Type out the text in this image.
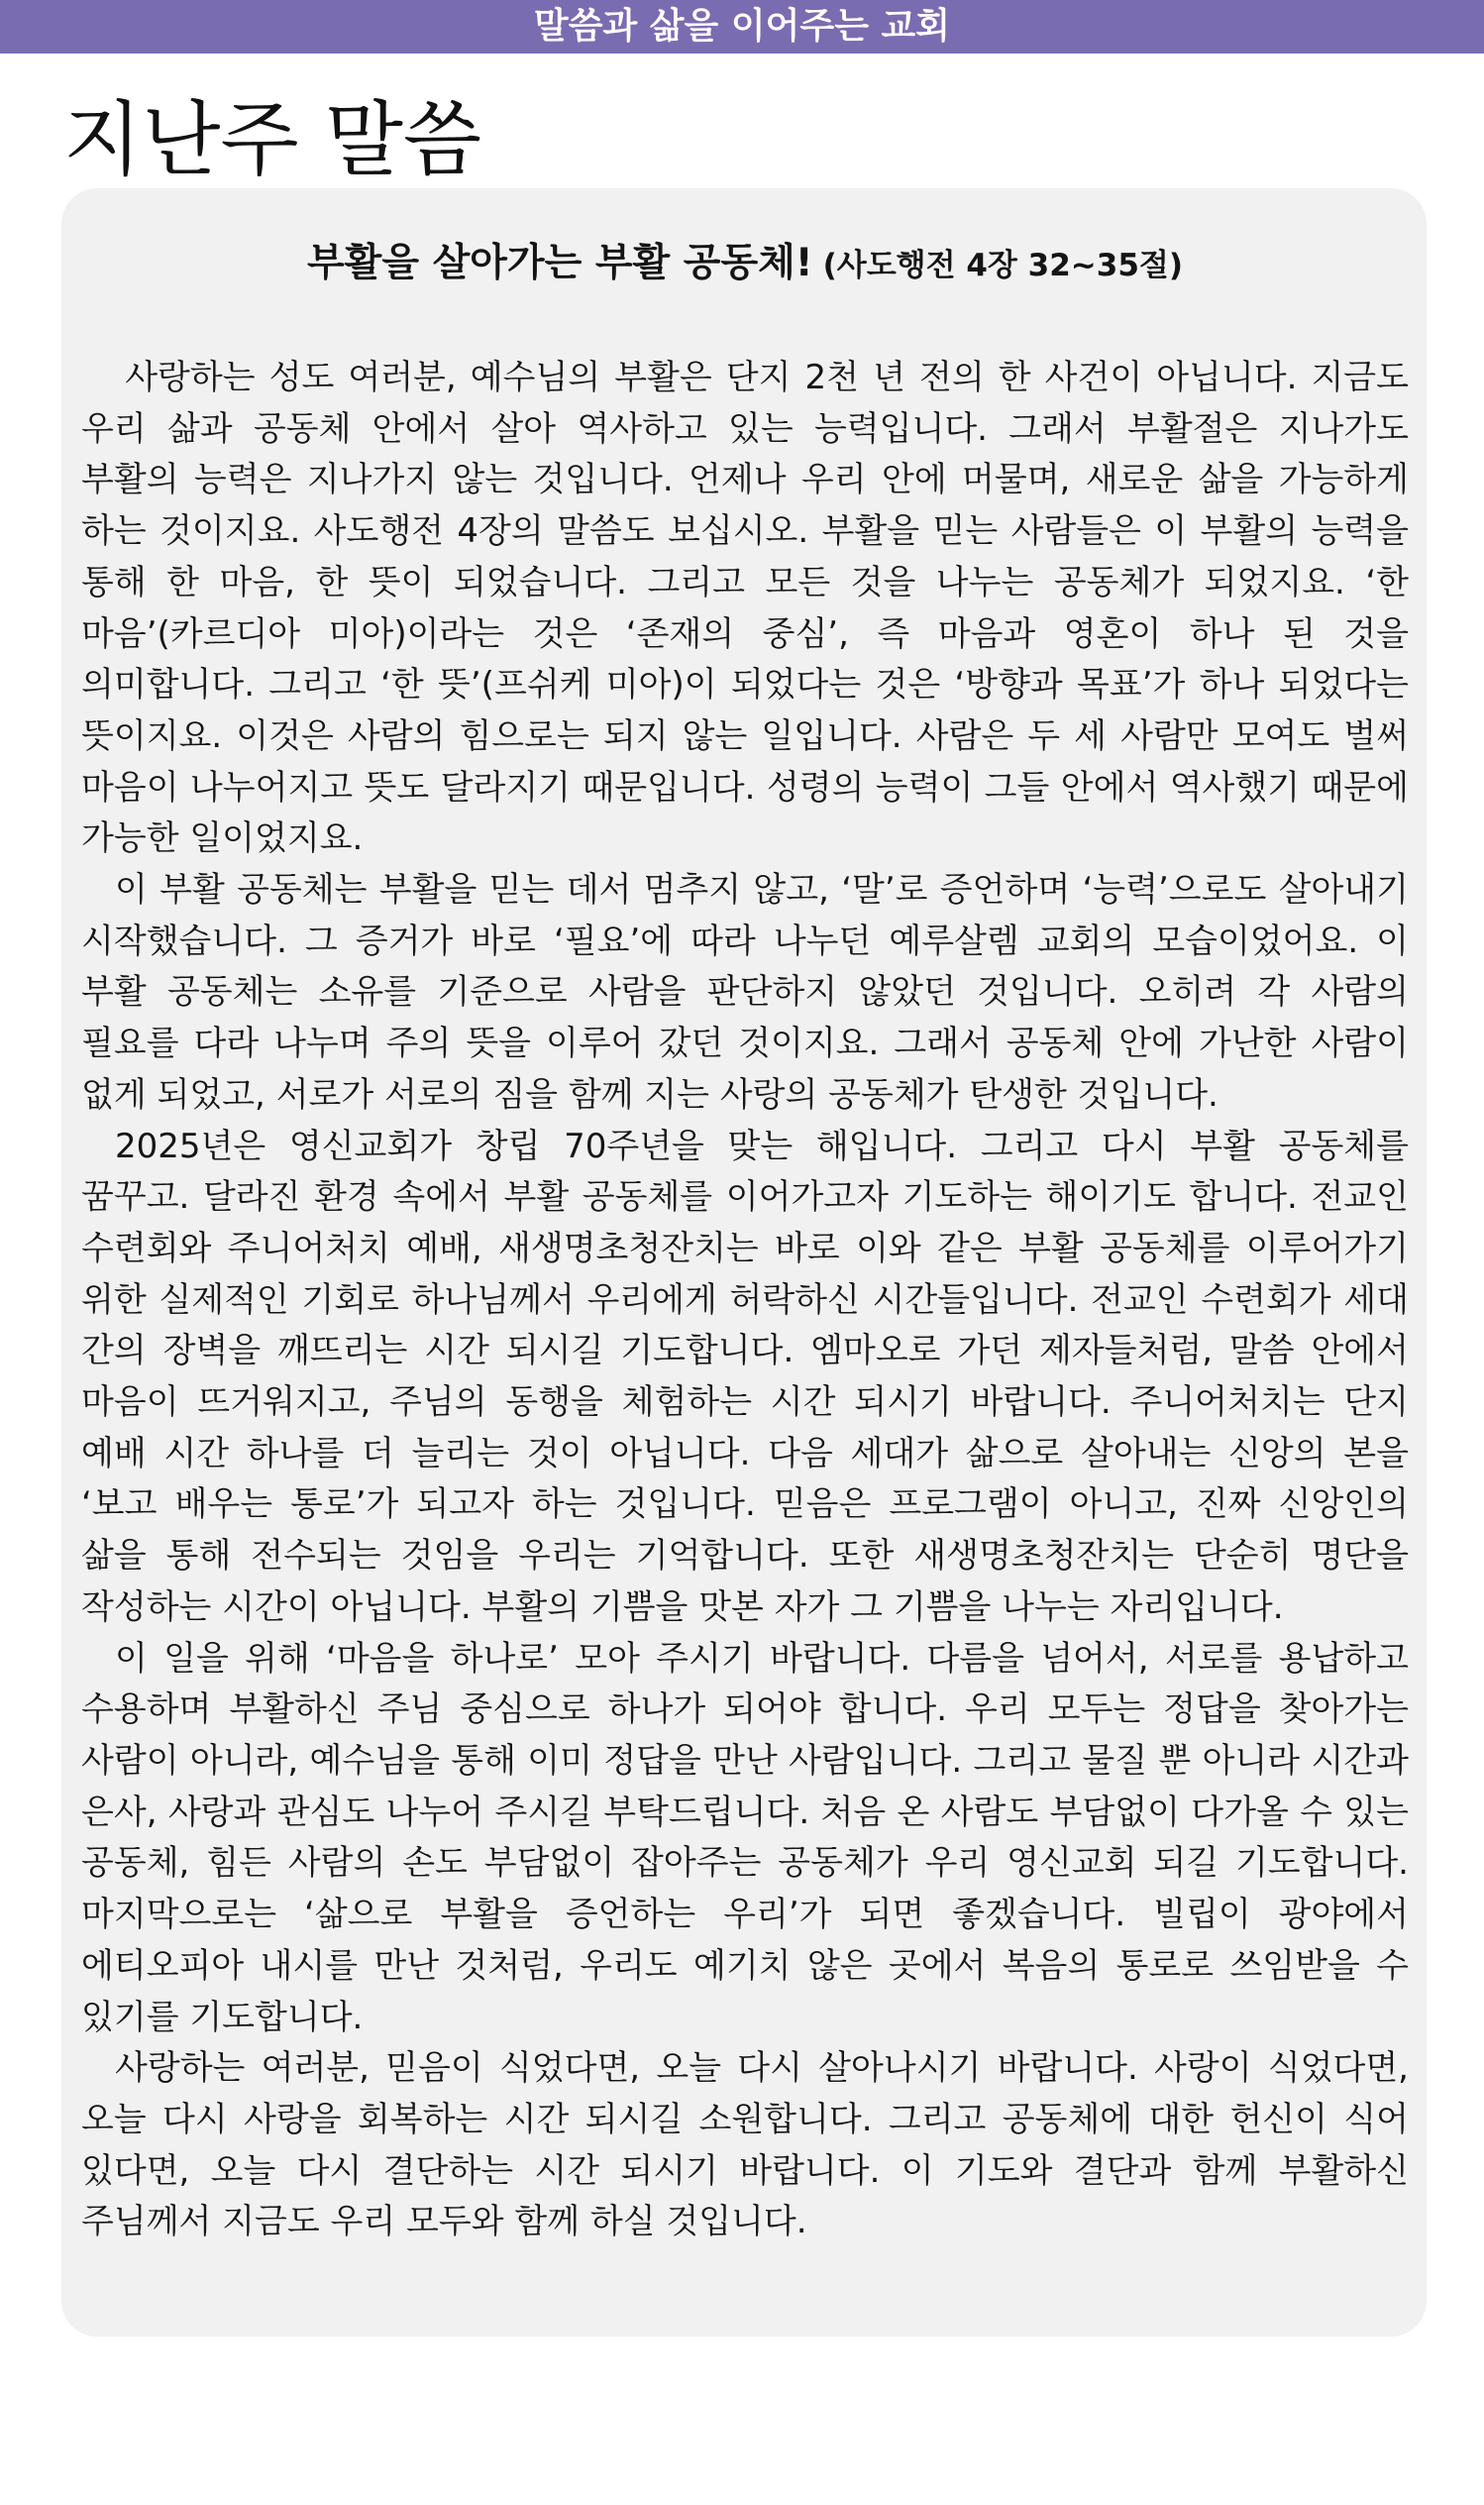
말씀과 삶을 이어주는 교회
지난주 말씀
부활을 살아가는 부활 공동체! (사도행전 4장 32~35절)

사랑하는 성도 여러분, 예수님의 부활은 단지 2천 년 전의 한 사건이 아닙니다. 지금도 우리 삶과 공동체 안에서 살아 역사하고 있는 능력입니다. 그래서 부활절은 지나가도 부활의 능력은 지나가지 않는 것입니다. 언제나 우리 안에 머물며, 새로운 삶을 가능하게 하는 것이지요. 사도행전 4장의 말씀도 보십시오. 부활을 믿는 사람들은 이 부활의 능력을 통해 한 마음, 한 뜻이 되었습니다. 그리고 모든 것을 나누는 공동체가 되었지요. ‘한 마음’(카르디아 미아)이라는 것은 ‘존재의 중심’, 즉 마음과 영혼이 하나 된 것을 의미합니다. 그리고 ‘한 뜻’(프쉬케 미아)이 되었다는 것은 ‘방향과 목표’가 하나 되었다는 뜻이지요. 이것은 사람의 힘으로는 되지 않는 일입니다. 사람은 두 세 사람만 모여도 벌써 마음이 나누어지고 뜻도 달라지기 때문입니다. 성령의 능력이 그들 안에서 역사했기 때문에 가능한 일이었지요.

이 부활 공동체는 부활을 믿는 데서 멈추지 않고, ‘말’로 증언하며 ‘능력’으로도 살아내기 시작했습니다. 그 증거가 바로 ‘필요’에 따라 나누던 예루살렘 교회의 모습이었어요. 이 부활 공동체는 소유를 기준으로 사람을 판단하지 않았던 것입니다. 오히려 각 사람의 필요를 다라 나누며 주의 뜻을 이루어 갔던 것이지요. 그래서 공동체 안에 가난한 사람이 없게 되었고, 서로가 서로의 짐을 함께 지는 사랑의 공동체가 탄생한 것입니다.

2025년은 영신교회가 창립 70주년을 맞는 해입니다. 그리고 다시 부활 공동체를 꿈꾸고. 달라진 환경 속에서 부활 공동체를 이어가고자 기도하는 해이기도 합니다. 전교인 수련회와 주니어처치 예배, 새생명초청잔치는 바로 이와 같은 부활 공동체를 이루어가기 위한 실제적인 기회로 하나님께서 우리에게 허락하신 시간들입니다. 전교인 수련회가 세대 간의 장벽을 깨뜨리는 시간 되시길 기도합니다. 엠마오로 가던 제자들처럼, 말씀 안에서 마음이 뜨거워지고, 주님의 동행을 체험하는 시간 되시기 바랍니다. 주니어처치는 단지 예배 시간 하나를 더 늘리는 것이 아닙니다. 다음 세대가 삶으로 살아내는 신앙의 본을 ‘보고 배우는 통로’가 되고자 하는 것입니다. 믿음은 프로그램이 아니고, 진짜 신앙인의 삶을 통해 전수되는 것임을 우리는 기억합니다. 또한 새생명초청잔치는 단순히 명단을 작성하는 시간이 아닙니다. 부활의 기쁨을 맛본 자가 그 기쁨을 나누는 자리입니다.

이 일을 위해 ‘마음을 하나로’ 모아 주시기 바랍니다. 다름을 넘어서, 서로를 용납하고 수용하며 부활하신 주님 중심으로 하나가 되어야 합니다. 우리 모두는 정답을 찾아가는 사람이 아니라, 예수님을 통해 이미 정답을 만난 사람입니다. 그리고 물질 뿐 아니라 시간과 은사, 사랑과 관심도 나누어 주시길 부탁드립니다. 처음 온 사람도 부담없이 다가올 수 있는 공동체, 힘든 사람의 손도 부담없이 잡아주는 공동체가 우리 영신교회 되길 기도합니다. 마지막으로는 ‘삶으로 부활을 증언하는 우리’가 되면 좋겠습니다. 빌립이 광야에서 에티오피아 내시를 만난 것처럼, 우리도 예기치 않은 곳에서 복음의 통로로 쓰임받을 수 있기를 기도합니다.

사랑하는 여러분, 믿음이 식었다면, 오늘 다시 살아나시기 바랍니다. 사랑이 식었다면, 오늘 다시 사랑을 회복하는 시간 되시길 소원합니다. 그리고 공동체에 대한 헌신이 식어 있다면, 오늘 다시 결단하는 시간 되시기 바랍니다. 이 기도와 결단과 함께 부활하신 주님께서 지금도 우리 모두와 함께 하실 것입니다.
